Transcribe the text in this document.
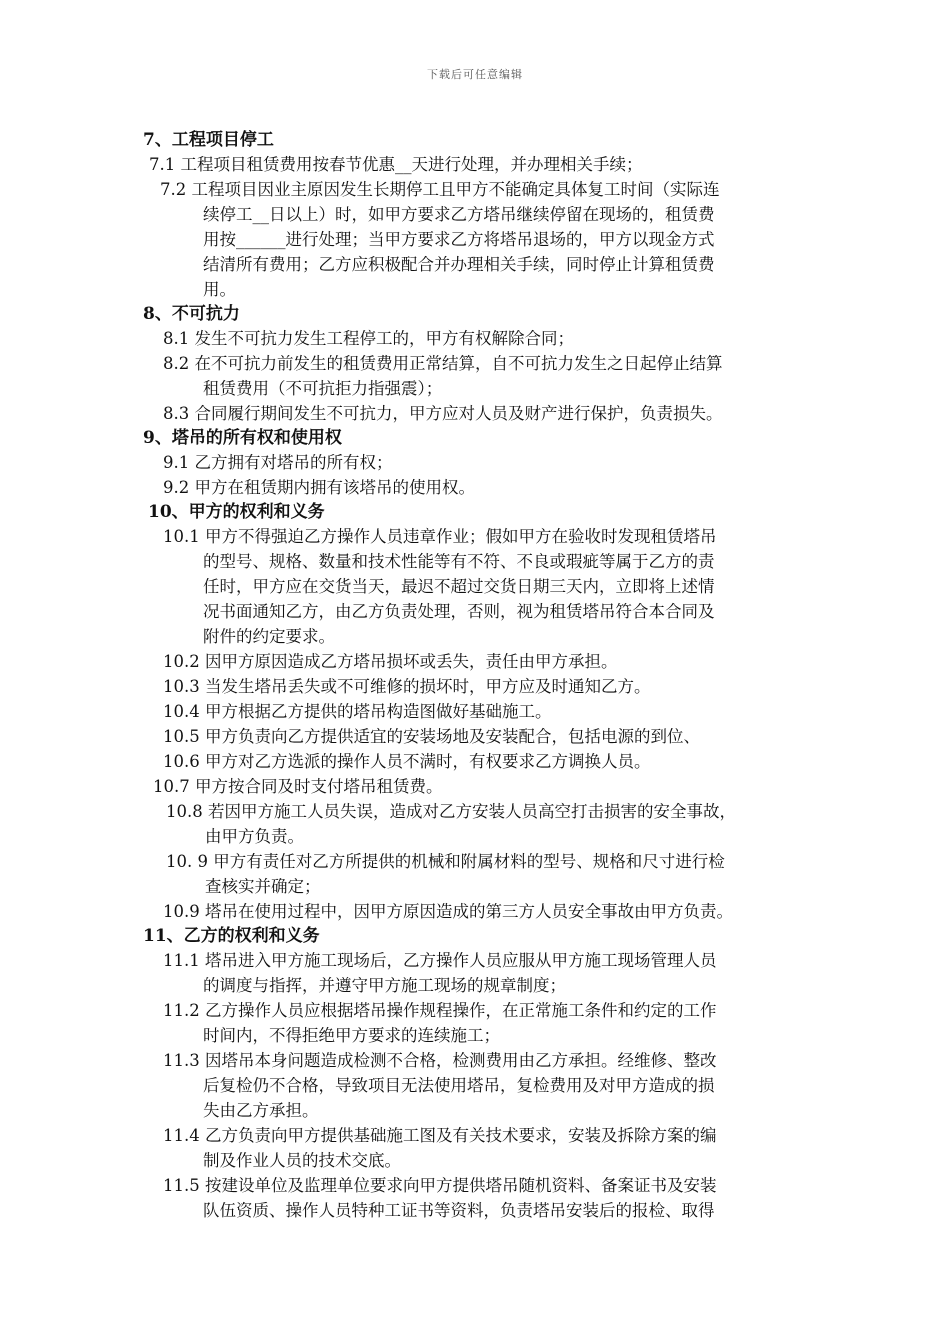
下载后可任意编辑
7、工程项目停工
7.1 工程项目租赁费用按春节优惠__天进行处理，并办理相关手续；
7.2 工程项目因业主原因发生长期停工且甲方不能确定具体复工时间（实际连
续停工__日以上）时，如甲方要求乙方塔吊继续停留在现场的，租赁费
用按______进行处理；当甲方要求乙方将塔吊退场的，甲方以现金方式
结清所有费用；乙方应积极配合并办理相关手续，同时停止计算租赁费
用。
8、不可抗力
8.1 发生不可抗力发生工程停工的，甲方有权解除合同；
8.2 在不可抗力前发生的租赁费用正常结算，自不可抗力发生之日起停止结算
租赁费用（不可抗拒力指强震）；
8.3 合同履行期间发生不可抗力，甲方应对人员及财产进行保护，负责损失。
9、塔吊的所有权和使用权
9.1 乙方拥有对塔吊的所有权；
9.2 甲方在租赁期内拥有该塔吊的使用权。
10、甲方的权利和义务
10.1 甲方不得强迫乙方操作人员违章作业；假如甲方在验收时发现租赁塔吊
的型号、规格、数量和技术性能等有不符、不良或瑕疵等属于乙方的责
任时，甲方应在交货当天，最迟不超过交货日期三天内，立即将上述情
况书面通知乙方，由乙方负责处理，否则，视为租赁塔吊符合本合同及
附件的约定要求。
10.2 因甲方原因造成乙方塔吊损坏或丢失，责任由甲方承担。
10.3 当发生塔吊丢失或不可维修的损坏时，甲方应及时通知乙方。
10.4 甲方根据乙方提供的塔吊构造图做好基础施工。
10.5 甲方负责向乙方提供适宜的安装场地及安装配合，包括电源的到位、
10.6 甲方对乙方选派的操作人员不满时，有权要求乙方调换人员。
10.7 甲方按合同及时支付塔吊租赁费。
10.8 若因甲方施工人员失误，造成对乙方安装人员高空打击损害的安全事故，
由甲方负责。
10. 9 甲方有责任对乙方所提供的机械和附属材料的型号、规格和尺寸进行检
查核实并确定；
10.9 塔吊在使用过程中，因甲方原因造成的第三方人员安全事故由甲方负责。
11、乙方的权利和义务
11.1 塔吊进入甲方施工现场后，乙方操作人员应服从甲方施工现场管理人员
的调度与指挥，并遵守甲方施工现场的规章制度；
11.2 乙方操作人员应根据塔吊操作规程操作，在正常施工条件和约定的工作
时间内，不得拒绝甲方要求的连续施工；
11.3 因塔吊本身问题造成检测不合格，检测费用由乙方承担。经维修、整改
后复检仍不合格，导致项目无法使用塔吊，复检费用及对甲方造成的损
失由乙方承担。
11.4 乙方负责向甲方提供基础施工图及有关技术要求，安装及拆除方案的编
制及作业人员的技术交底。
11.5 按建设单位及监理单位要求向甲方提供塔吊随机资料、备案证书及安装
队伍资质、操作人员特种工证书等资料，负责塔吊安装后的报检、取得
